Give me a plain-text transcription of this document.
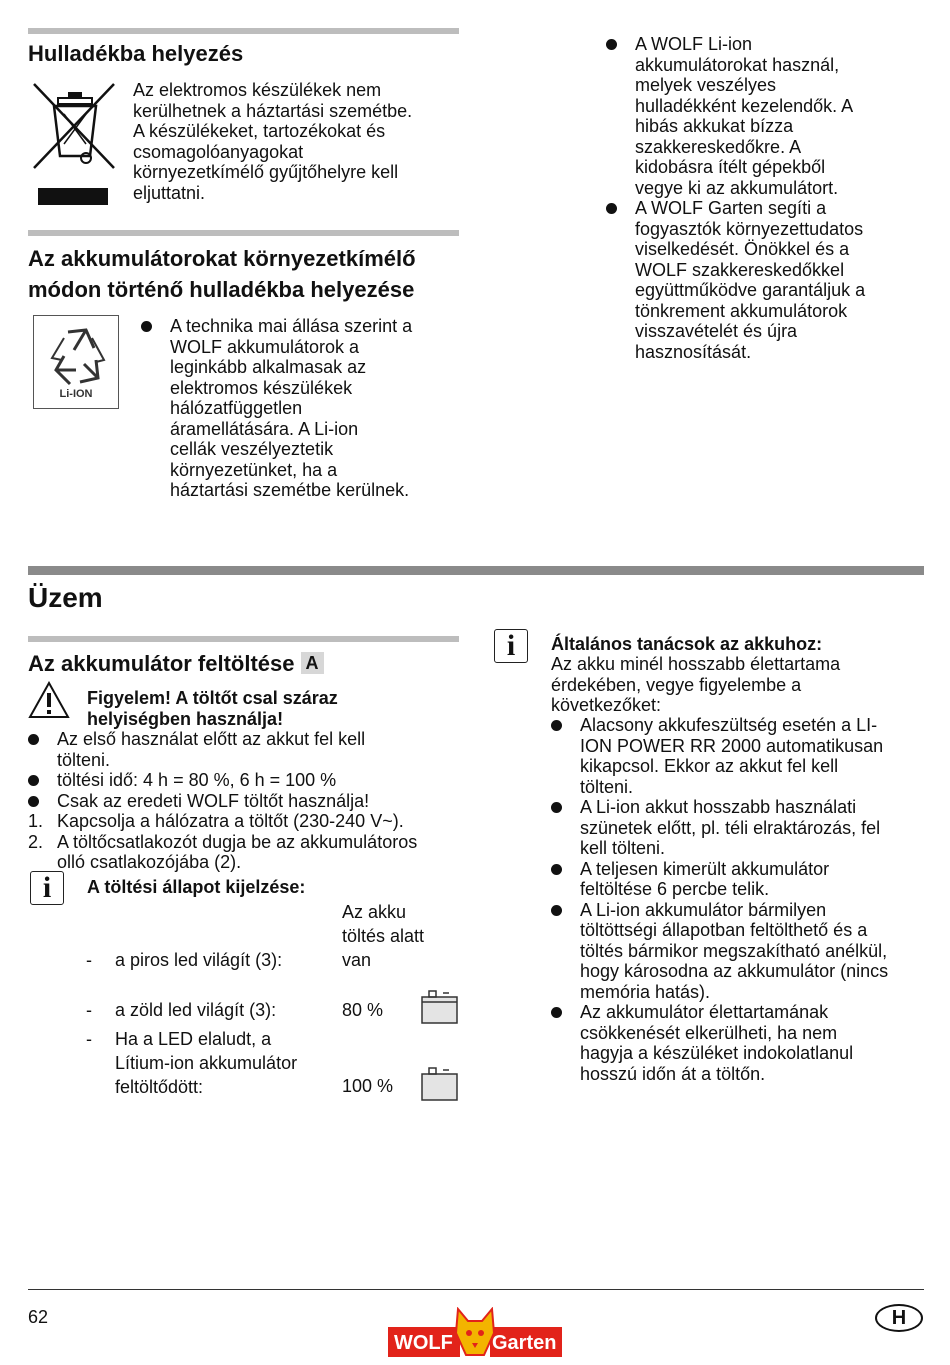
Hulladékba helyezés
Az elektromos készülékek nem
kerülhetnek a háztartási szemétbe.
A készülékeket, tartozékokat és
csomagolóanyagokat
környezetkímélő gyűjtőhelyre kell
eljuttatni.
Az akkumulátorokat környezetkímélő
módon történő hulladékba helyezése
Li-ION
A technika mai állása szerint a
WOLF akkumulátorok a
leginkább alkalmasak az
elektromos készülékek
hálózatfüggetlen
áramellátására. A Li-ion
cellák veszélyeztetik
környezetünket, ha a
háztartási szemétbe kerülnek.
A WOLF Li-ion
akkumulátorokat használ,
melyek veszélyes
hulladékként kezelendők. A
hibás akkukat bízza
szakkereskedőkre. A
kidobásra ítélt gépekből
vegye ki az akkumulátort.
A WOLF Garten segíti a
fogyasztók környezettudatos
viselkedését. Önökkel és a
WOLF szakkereskedőkkel
együttműködve garantáljuk a
tönkrement akkumulátorok
visszavételét és újra
hasznosítását.
Üzem
Az akkumulátor feltöltése A
Figyelem! A töltőt csal száraz
helyiségben használja!
Az első használat előtt az akkut fel kell
tölteni.
töltési idő: 4 h = 80 %, 6 h = 100 %
Csak az eredeti WOLF töltőt használja!
1. Kapcsolja a hálózatra a töltőt (230-240 V~).
2. A töltőcsatlakozót dugja be az akkumulátoros
olló csatlakozójába (2).
i	A töltési állapot kijelzése:
Az akku
töltés alatt
- a piros led világít (3):	van
- a zöld led világít (3):	80 %
- Ha a LED elaludt, a
Lítium-ion akkumulátor
feltöltődött:	100 %
i	Általános tanácsok az akkuhoz:
Az akku minél hosszabb élettartama
érdekében, vegye figyelembe a
következőket:
Alacsony akkufeszültség esetén a LI-
ION POWER RR 2000 automatikusan
kikapcsol. Ekkor az akkut fel kell
tölteni.
A Li-ion akkut hosszabb használati
szünetek előtt, pl. téli elraktározás, fel
kell tölteni.
A teljesen kimerült akkumulátor
feltöltése 6 percbe telik.
A Li-ion akkumulátor bármilyen
töltöttségi állapotban feltölthető és a
töltés bármikor megszakítható anélkül,
hogy károsodna az akkumulátor (nincs
memória hatás).
Az akkumulátor élettartamának
csökkenését elkerülheti, ha nem
hagyja a készüléket indokolatlanul
hosszú időn át a töltőn.
62	H
WOLF Garten
